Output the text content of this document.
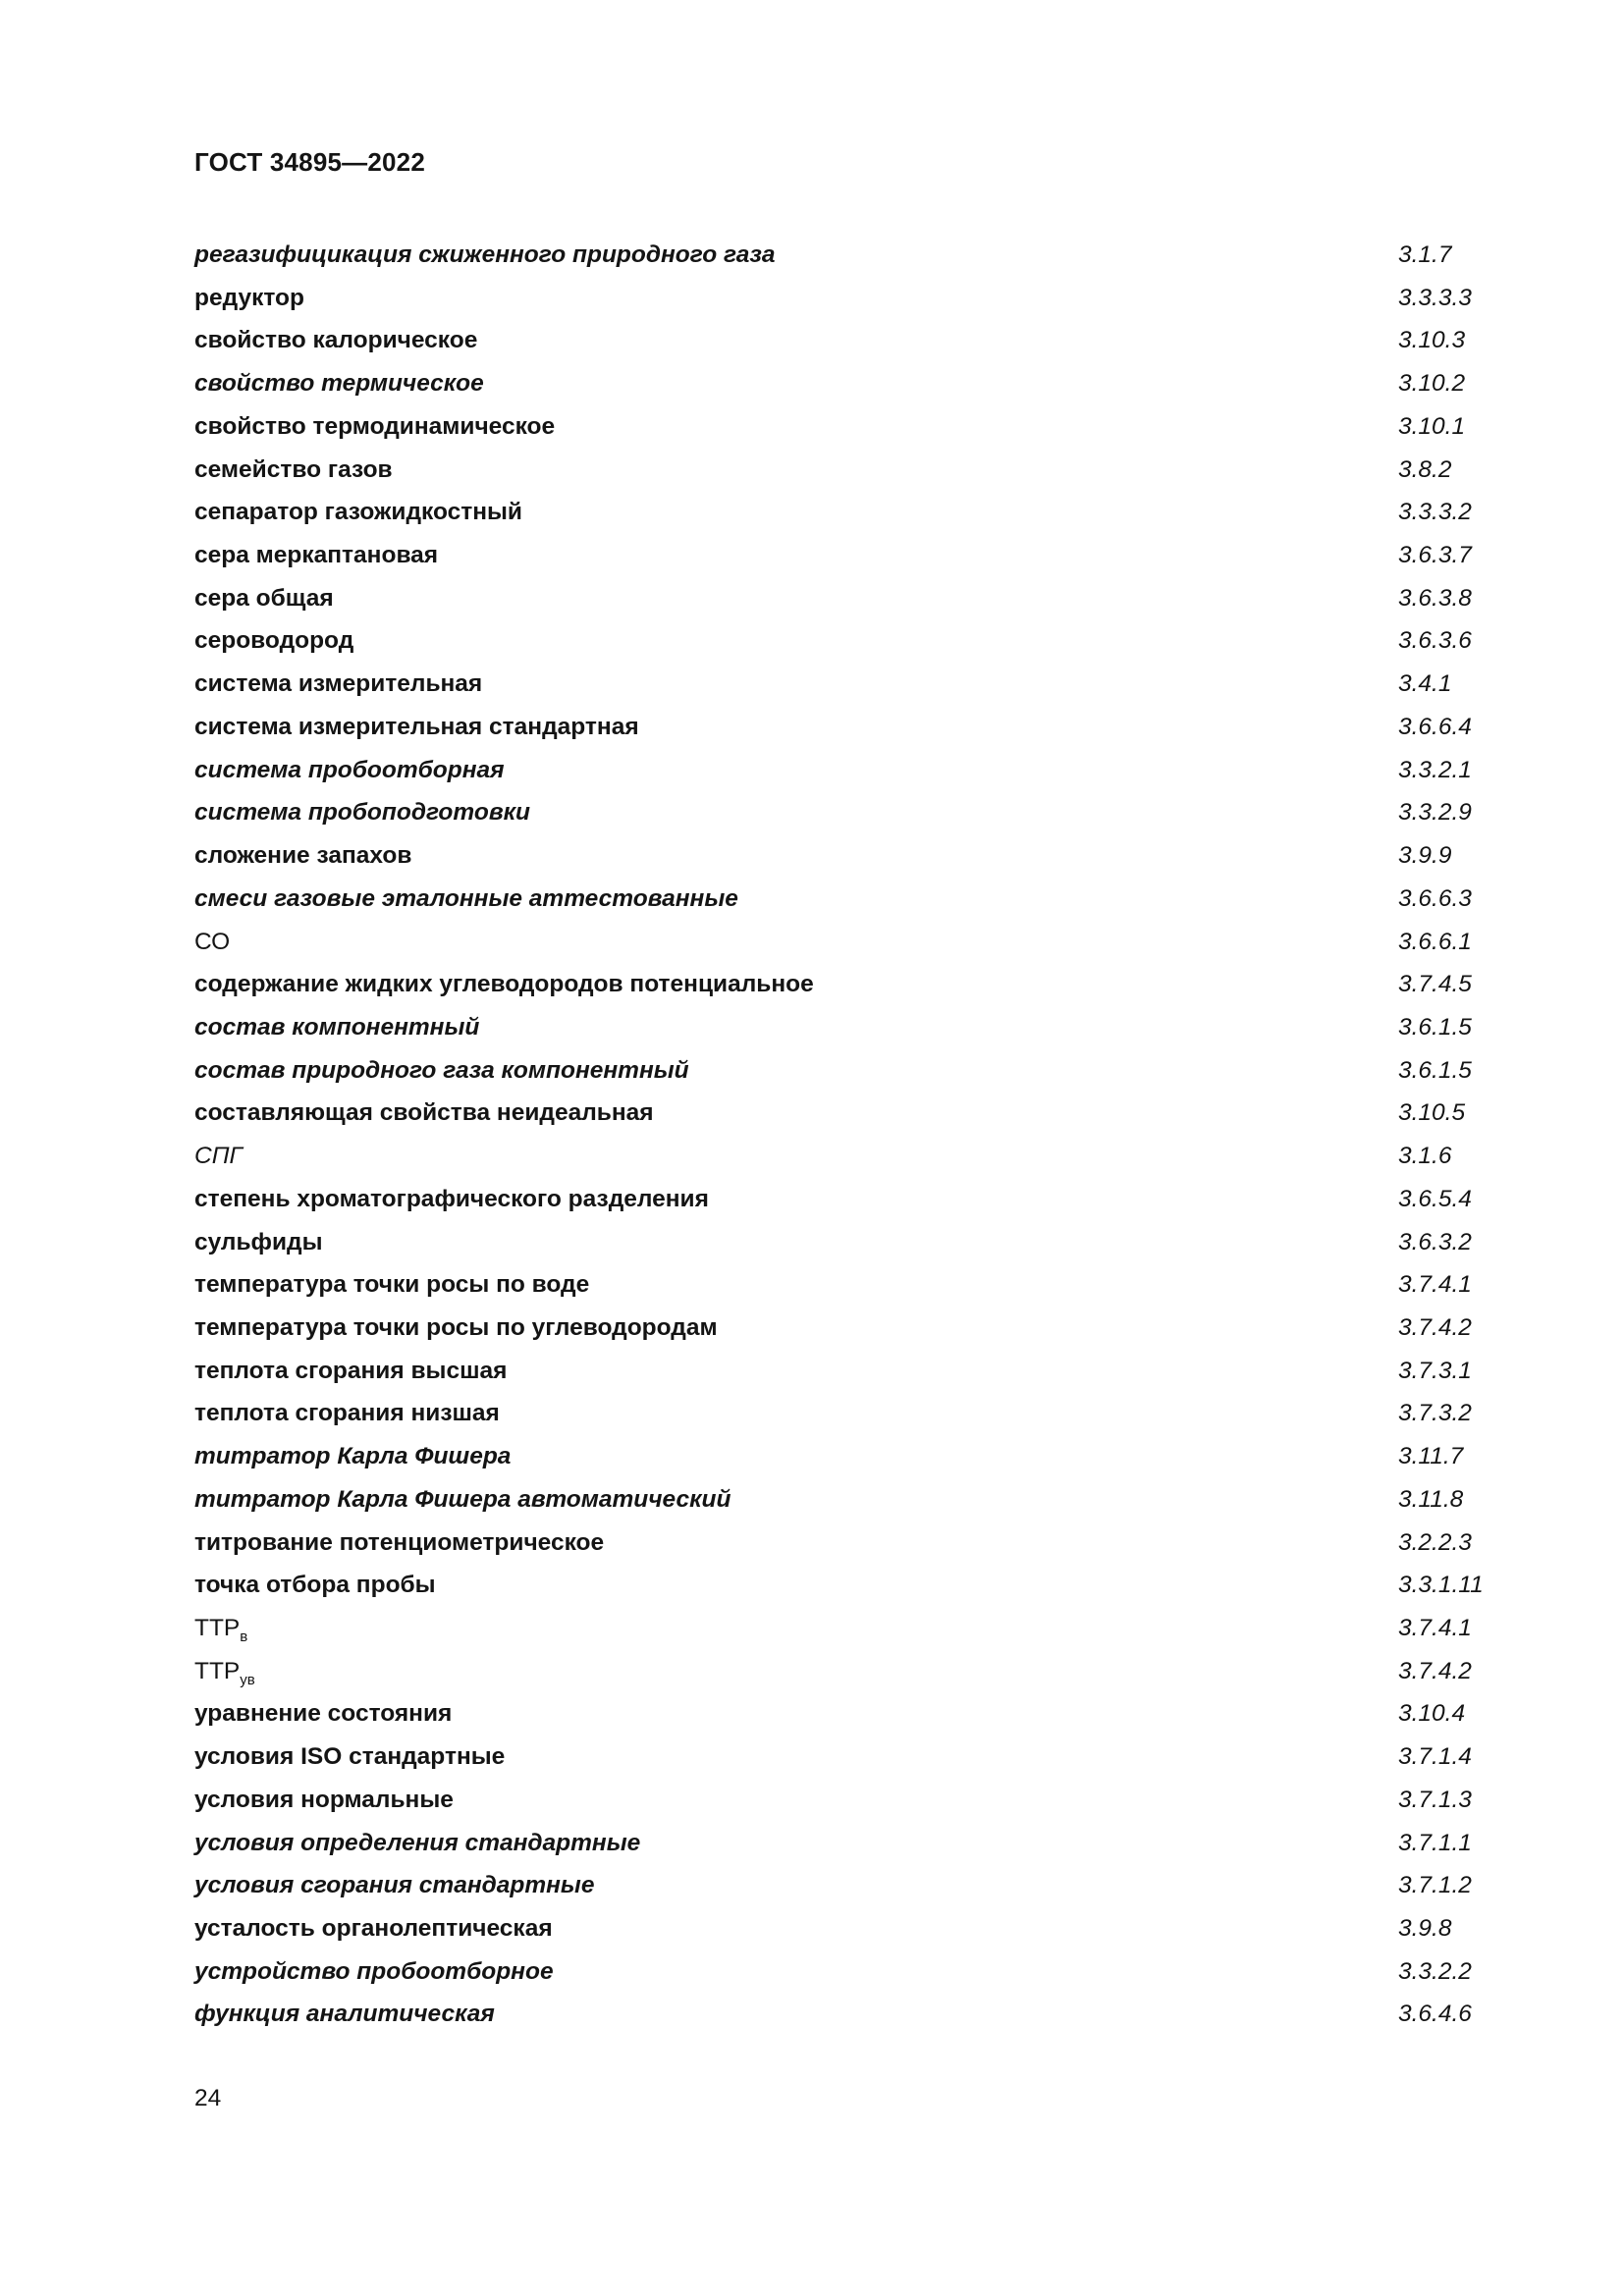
ГОСТ 34895—2022
регазифицикация сжиженного природного газа	3.1.7
редуктор	3.3.3.3
свойство калорическое	3.10.3
свойство термическое	3.10.2
свойство термодинамическое	3.10.1
семейство газов	3.8.2
сепаратор газожидкостный	3.3.3.2
сера меркаптановая	3.6.3.7
сера общая	3.6.3.8
сероводород	3.6.3.6
система измерительная	3.4.1
система измерительная стандартная	3.6.6.4
система пробоотборная	3.3.2.1
система пробоподготовки	3.3.2.9
сложение запахов	3.9.9
смеси газовые эталонные аттестованные	3.6.6.3
СО	3.6.6.1
содержание жидких углеводородов потенциальное	3.7.4.5
состав компонентный	3.6.1.5
состав природного газа компонентный	3.6.1.5
составляющая свойства неидеальная	3.10.5
СПГ	3.1.6
степень хроматографического разделения	3.6.5.4
сульфиды	3.6.3.2
температура точки росы по воде	3.7.4.1
температура точки росы по углеводородам	3.7.4.2
теплота сгорания высшая	3.7.3.1
теплота сгорания низшая	3.7.3.2
титратор Карла Фишера	3.11.7
титратор Карла Фишера автоматический	3.11.8
титрование потенциометрическое	3.2.2.3
точка отбора пробы	3.3.1.11
$ТТР_в$	3.7.4.1
$ТТР_{ув}$	3.7.4.2
уравнение состояния	3.10.4
условия ISO стандартные	3.7.1.4
условия нормальные	3.7.1.3
условия определения стандартные	3.7.1.1
условия сгорания стандартные	3.7.1.2
усталость органолептическая	3.9.8
устройство пробоотборное	3.3.2.2
функция аналитическая	3.6.4.6
24
